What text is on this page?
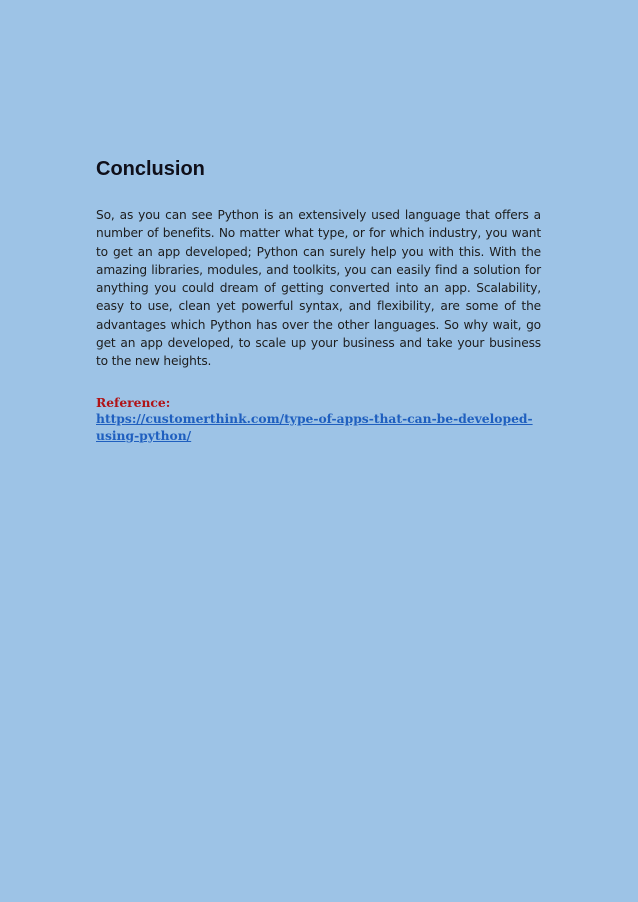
Conclusion

So, as you can see Python is an extensively used language that offers a number of benefits. No matter what type, or for which industry, you want to get an app developed; Python can surely help you with this. With the amazing libraries, modules, and toolkits, you can easily find a solution for anything you could dream of getting converted into an app. Scalability, easy to use, clean yet powerful syntax, and flexibility, are some of the advantages which Python has over the other languages. So why wait, go get an app developed, to scale up your business and take your business to the new heights.

Reference:
https://customerthink.com/type-of-apps-that-can-be-developed-using-python/
